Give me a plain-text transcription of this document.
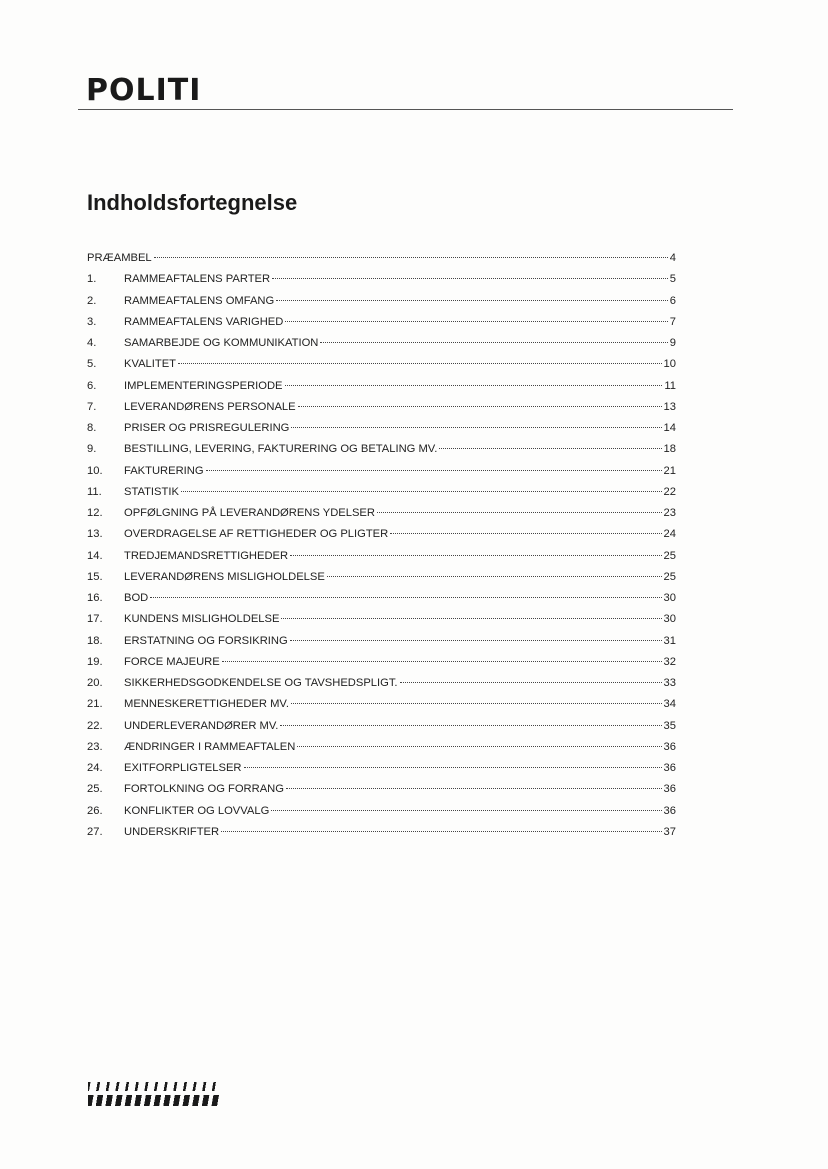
POLITI
Indholdsfortegnelse
PRÆAMBEL	4
1.	RAMMEAFTALENS PARTER	5
2.	RAMMEAFTALENS OMFANG	6
3.	RAMMEAFTALENS VARIGHED	7
4.	SAMARBEJDE OG KOMMUNIKATION	9
5.	KVALITET	10
6.	IMPLEMENTERINGSPERIODE	11
7.	LEVERANDØRENS PERSONALE	13
8.	PRISER OG PRISREGULERING	14
9.	BESTILLING, LEVERING, FAKTURERING OG BETALING MV.	18
10.	FAKTURERING	21
11.	STATISTIK	22
12.	OPFØLGNING PÅ LEVERANDØRENS YDELSER	23
13.	OVERDRAGELSE AF RETTIGHEDER OG PLIGTER	24
14.	TREDJEMANDSRETTIGHEDER	25
15.	LEVERANDØRENS MISLIGHOLDELSE	25
16.	BOD	30
17.	KUNDENS MISLIGHOLDELSE	30
18.	ERSTATNING OG FORSIKRING	31
19.	FORCE MAJEURE	32
20.	SIKKERHEDSGODKENDELSE OG TAVSHEDSPLIGT.	33
21.	MENNESKERETTIGHEDER MV.	34
22.	UNDERLEVERANDØRER MV.	35
23.	ÆNDRINGER I RAMMEAFTALEN	36
24.	EXITFORPLIGTELSER	36
25.	FORTOLKNING OG FORRANG	36
26.	KONFLIKTER OG LOVVALG	36
27.	UNDERSKRIFTER	37
